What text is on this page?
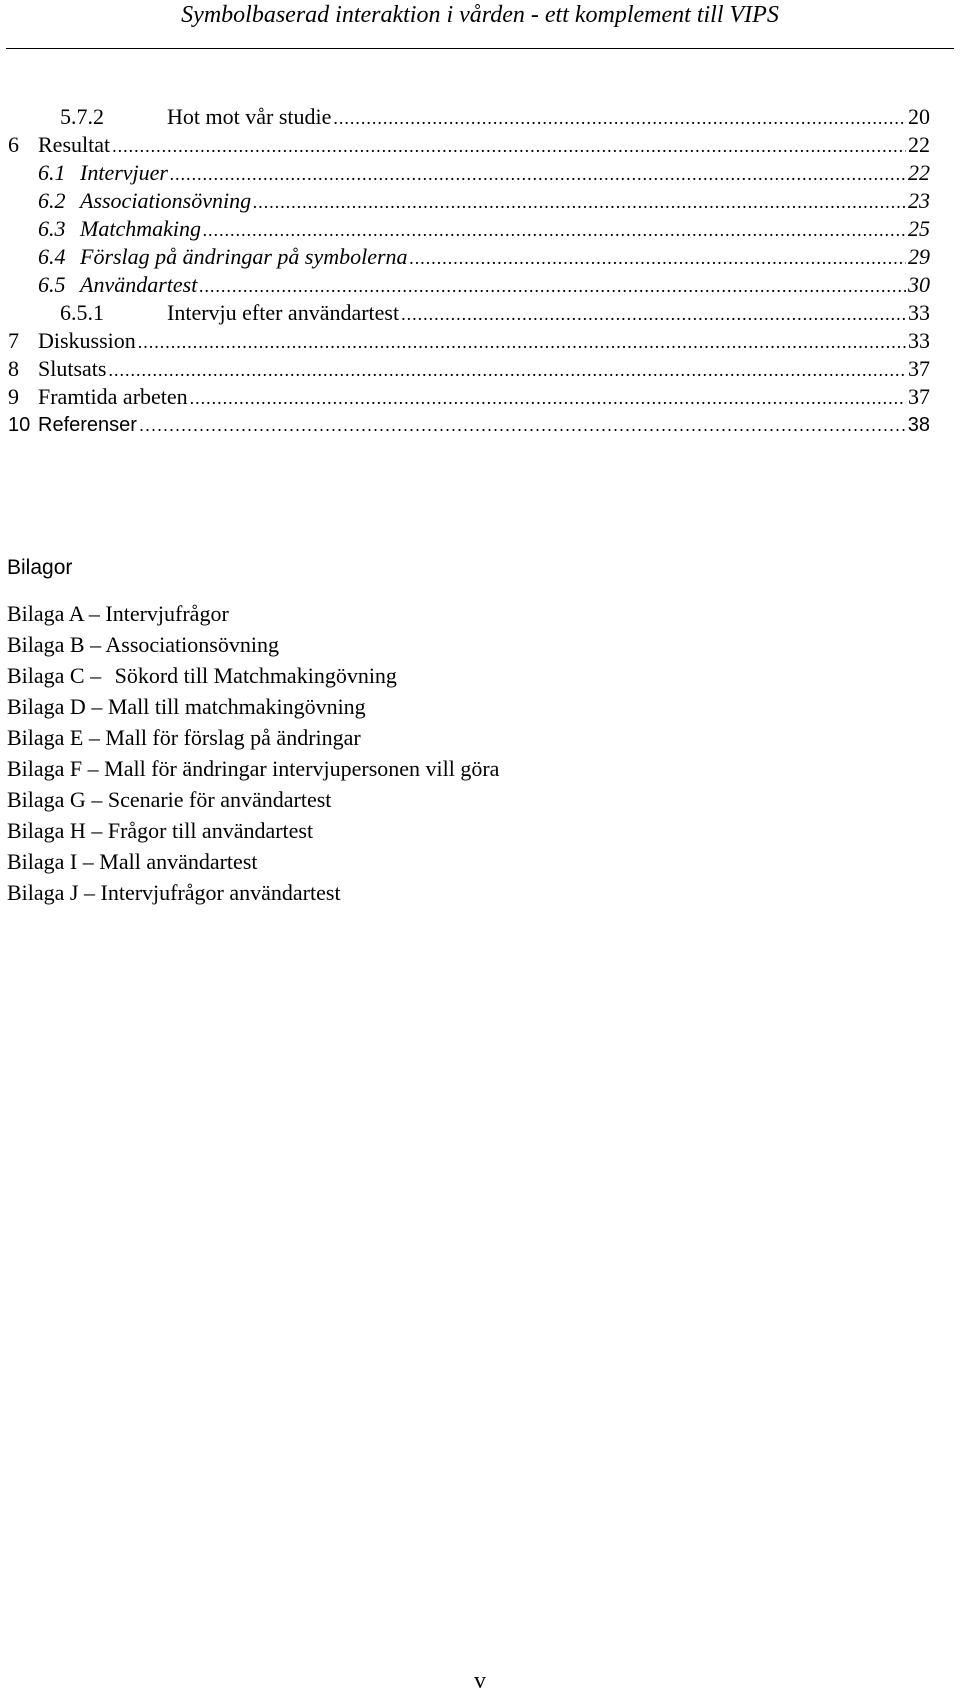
Symbolbaserad interaktion i vården - ett komplement till VIPS
5.7.2	Hot mot vår studie .....	20
6 Resultat .....	22
6.1 Intervjuer .....	22
6.2 Associationsövning .....	23
6.3 Matchmaking .....	25
6.4 Förslag på ändringar på symbolerna .....	29
6.5 Användartest .....	30
6.5.1	Intervju efter användartest .....	33
7 Diskussion .....	33
8 Slutsats .....	37
9 Framtida arbeten .....	37
10 Referenser .....	38
Bilagor
Bilaga A – Intervjufrågor
Bilaga B – Associationsövning
Bilaga C – Sökord till Matchmakingövning
Bilaga D – Mall till matchmakingövning
Bilaga E – Mall för förslag på ändringar
Bilaga F – Mall för ändringar intervjupersonen vill göra
Bilaga G – Scenarie för användartest
Bilaga H – Frågor till användartest
Bilaga I – Mall användartest
Bilaga J – Intervjufrågor användartest
v
